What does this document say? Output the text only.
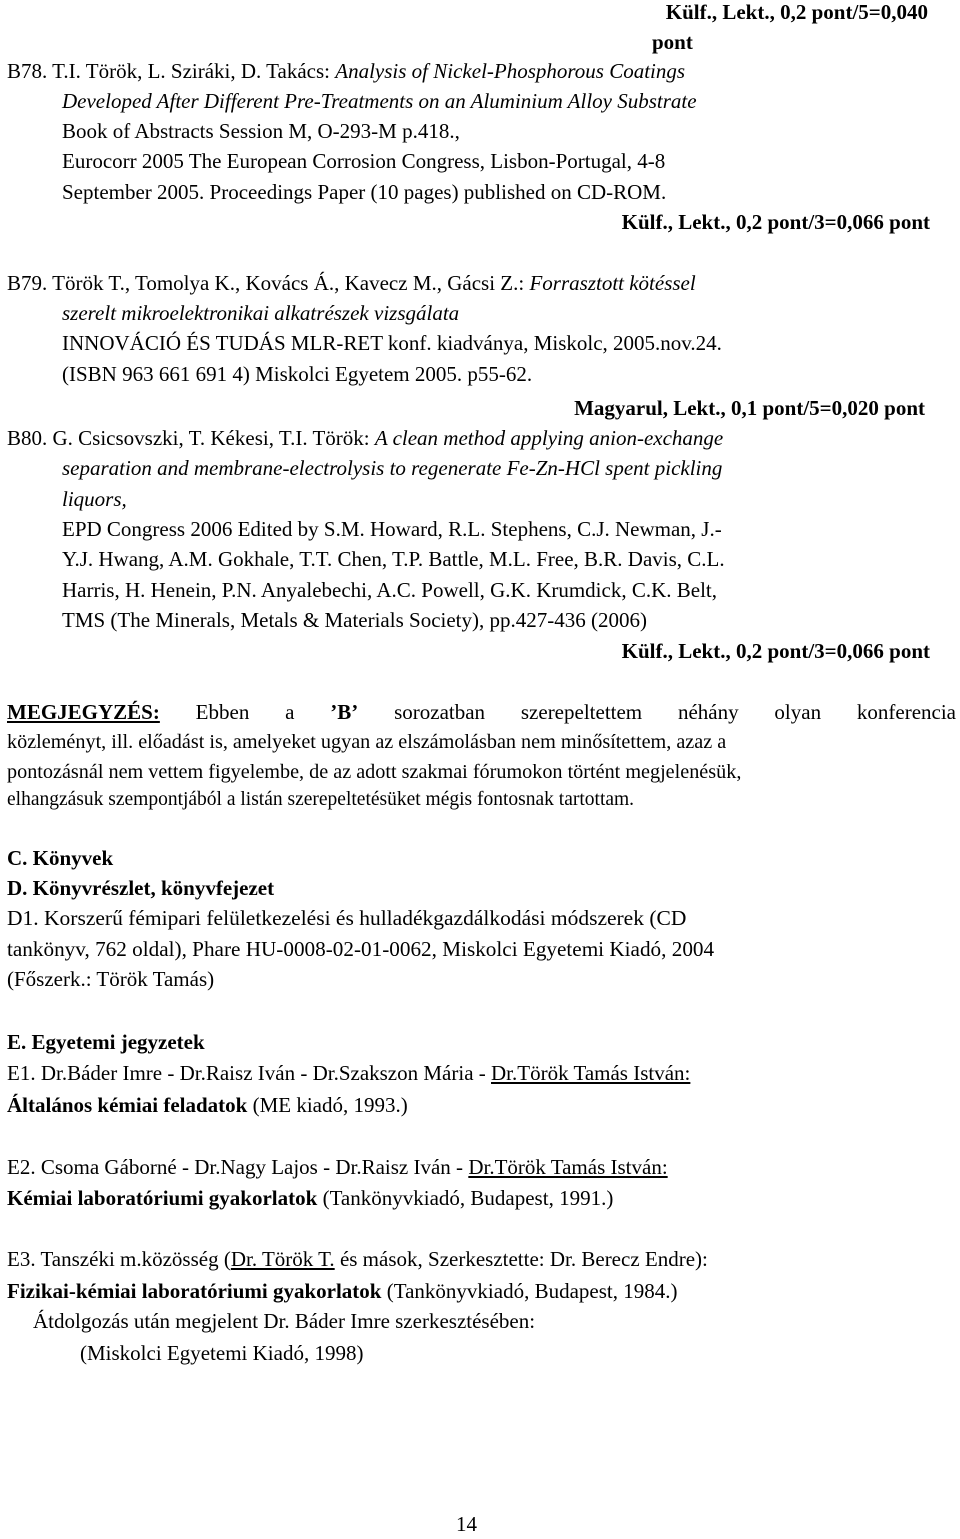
Külf., Lekt., 0,2 pont/5=0,040
pont
B78. T.I. Török, L. Sziráki, D. Takács: Analysis of Nickel-Phosphorous Coatings
Developed After Different Pre-Treatments on an Aluminium Alloy Substrate
Book of Abstracts Session M, O-293-M p.418.,
Eurocorr 2005 The European Corrosion Congress, Lisbon-Portugal, 4-8
September 2005. Proceedings Paper (10 pages) published on CD-ROM.
Külf., Lekt., 0,2 pont/3=0,066 pont
B79. Török T., Tomolya K., Kovács Á., Kavecz M., Gácsi Z.: Forrasztott kötéssel
szerelt mikroelektronikai alkatrészek vizsgálata
INNOVÁCIÓ ÉS TUDÁS MLR-RET konf. kiadványa, Miskolc, 2005.nov.24.
(ISBN 963 661 691 4) Miskolci Egyetem 2005. p55-62.
Magyarul, Lekt., 0,1 pont/5=0,020 pont
B80. G. Csicsovszki, T. Kékesi, T.I. Török: A clean method applying anion-exchange
separation and membrane-electrolysis to regenerate Fe-Zn-HCl spent pickling
liquors,
EPD Congress 2006 Edited by S.M. Howard, R.L. Stephens, C.J. Newman, J.-
Y.J. Hwang, A.M. Gokhale, T.T. Chen, T.P. Battle, M.L. Free, B.R. Davis, C.L.
Harris, H. Henein, P.N. Anyalebechi, A.C. Powell, G.K. Krumdick, C.K. Belt,
TMS (The Minerals, Metals & Materials Society), pp.427-436 (2006)
Külf., Lekt., 0,2 pont/3=0,066 pont
MEGJEGYZÉS: Ebben a ’B’ sorozatban szerepeltettem néhány olyan konferencia
közleményt, ill. előadást is, amelyeket ugyan az elszámolásban nem minősítettem, azaz a
pontozásnál nem vettem figyelembe, de az adott szakmai fórumokon történt megjelenésük,
elhangzásuk szempontjából a listán szerepeltetésüket mégis fontosnak tartottam.
C. Könyvek
D. Könyvrészlet, könyvfejezet
D1. Korszerű fémipari felületkezelési és hulladékgazdálkodási módszerek (CD
tankönyv, 762 oldal), Phare HU-0008-02-01-0062, Miskolci Egyetemi Kiadó, 2004
(Főszerk.: Török Tamás)
E. Egyetemi jegyzetek
E1. Dr.Báder Imre - Dr.Raisz Iván - Dr.Szakszon Mária - Dr.Török Tamás István:
Általános kémiai feladatok (ME kiadó, 1993.)
E2. Csoma Gáborné - Dr.Nagy Lajos - Dr.Raisz Iván - Dr.Török Tamás István:
Kémiai laboratóriumi gyakorlatok (Tankönyvkiadó, Budapest, 1991.)
E3. Tanszéki m.közösség (Dr. Török T. és mások, Szerkesztette: Dr. Berecz Endre):
Fizikai-kémiai laboratóriumi gyakorlatok (Tankönyvkiadó, Budapest, 1984.)
Átdolgozás után megjelent Dr. Báder Imre szerkesztésében:
(Miskolci Egyetemi Kiadó, 1998)
14
